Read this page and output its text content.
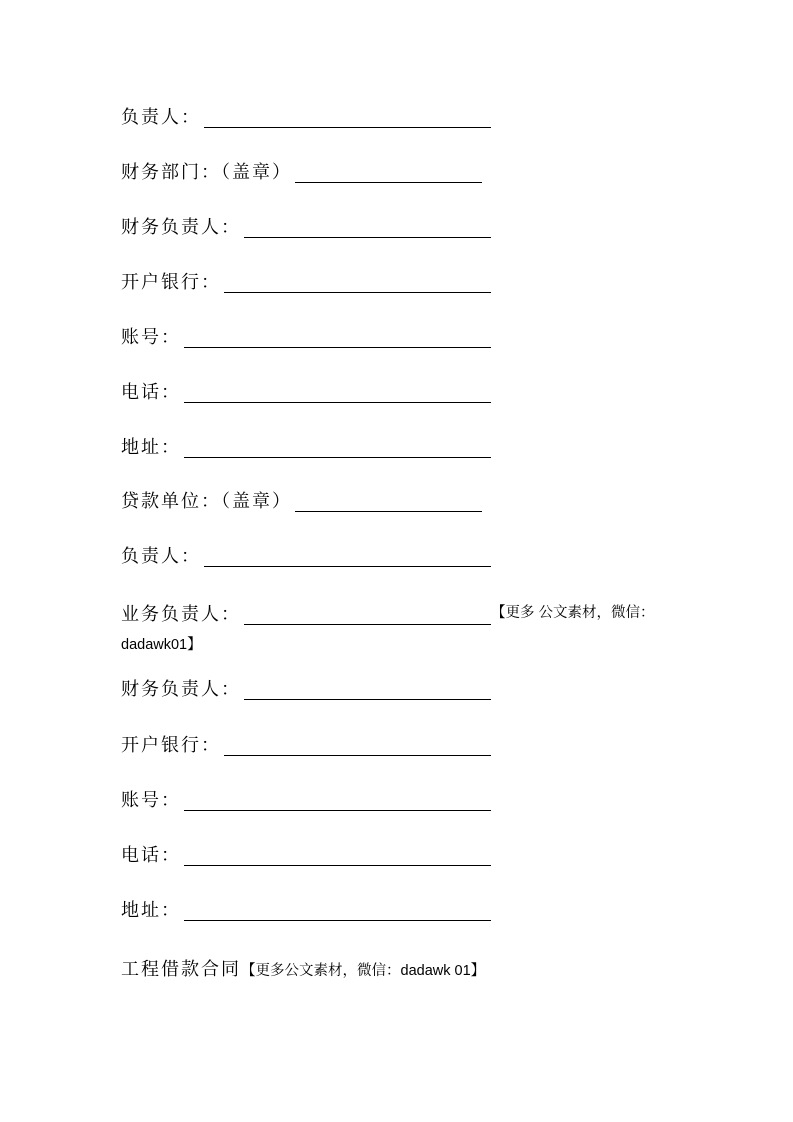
负责人：
财务部门：（盖章）
财务负责人：
开户银行：
账号：
电话：
地址：
贷款单位：（盖章）
负责人：
业务负责人：	【更多 公文素材，微信：dadawk01】
财务负责人：
开户银行：
账号：
电话：
地址：
工程借款合同【更多公文素材，微信：dadawk 01】
